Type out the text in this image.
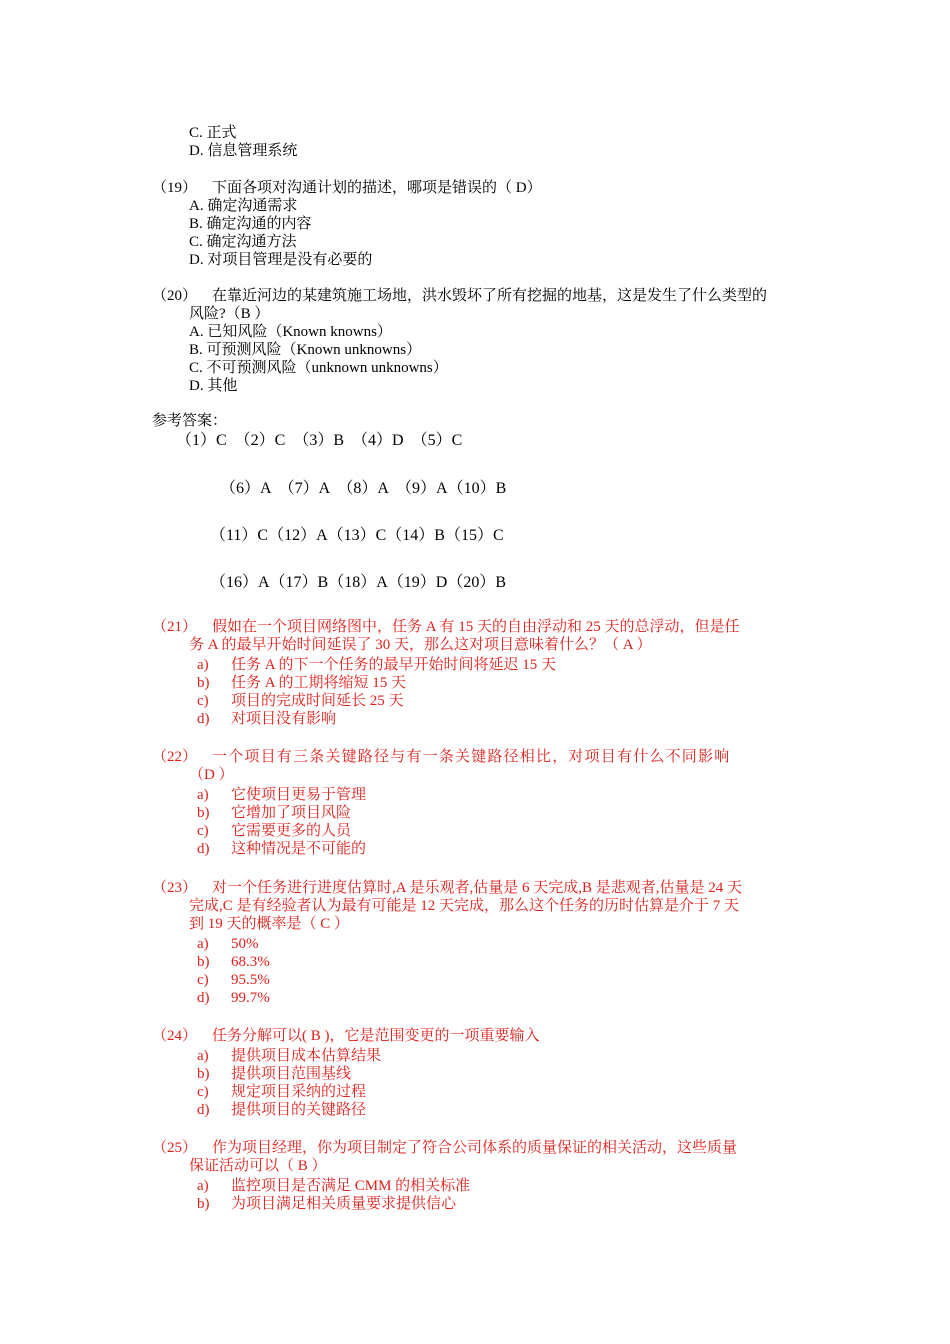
C. 正式
D. 信息管理系统
（19） 下面各项对沟通计划的描述，哪项是错误的（ D）
A. 确定沟通需求
B. 确定沟通的内容
C. 确定沟通方法
D. 对项目管理是没有必要的
（20） 在靠近河边的某建筑施工场地，洪水毁坏了所有挖掘的地基，这是发生了什么类型的
风险?（B ）
A. 已知风险（Known knowns）
B. 可预测风险（Known unknowns）
C. 不可预测风险（unknown unknowns）
D. 其他
参考答案：
（1）C  （2）C  （3）B  （4）D  （5）C
（6）A  （7）A  （8）A  （9）A（10）B
（11）C（12）A（13）C（14）B（15）C
（16）A（17）B（18）A（19）D（20）B
（21） 假如在一个项目网络图中，任务 A 有 15 天的自由浮动和 25 天的总浮动，但是任
务 A 的最早开始时间延误了 30 天，那么这对项目意味着什么？（ A ）
a) 任务 A 的下一个任务的最早开始时间将延迟 15 天
b) 任务 A 的工期将缩短 15 天
c) 项目的完成时间延长 25 天
d) 对项目没有影响
（22） 一个项目有三条关键路径与有一条关键路径相比，对项目有什么不同影响
（D ）
a) 它使项目更易于管理
b) 它增加了项目风险
c) 它需要更多的人员
d) 这种情况是不可能的
（23） 对一个任务进行进度估算时,A 是乐观者,估量是 6 天完成,B 是悲观者,估量是 24 天
完成,C 是有经验者认为最有可能是 12 天完成，那么这个任务的历时估算是介于 7 天
到 19 天的概率是（ C ）
a) 50%
b) 68.3%
c) 95.5%
d) 99.7%
（24） 任务分解可以( B )，它是范围变更的一项重要输入
a) 提供项目成本估算结果
b) 提供项目范围基线
c) 规定项目采纳的过程
d) 提供项目的关键路径
（25） 作为项目经理，你为项目制定了符合公司体系的质量保证的相关活动，这些质量
保证活动可以（ B ）
a) 监控项目是否满足 CMM 的相关标准
b) 为项目满足相关质量要求提供信心
